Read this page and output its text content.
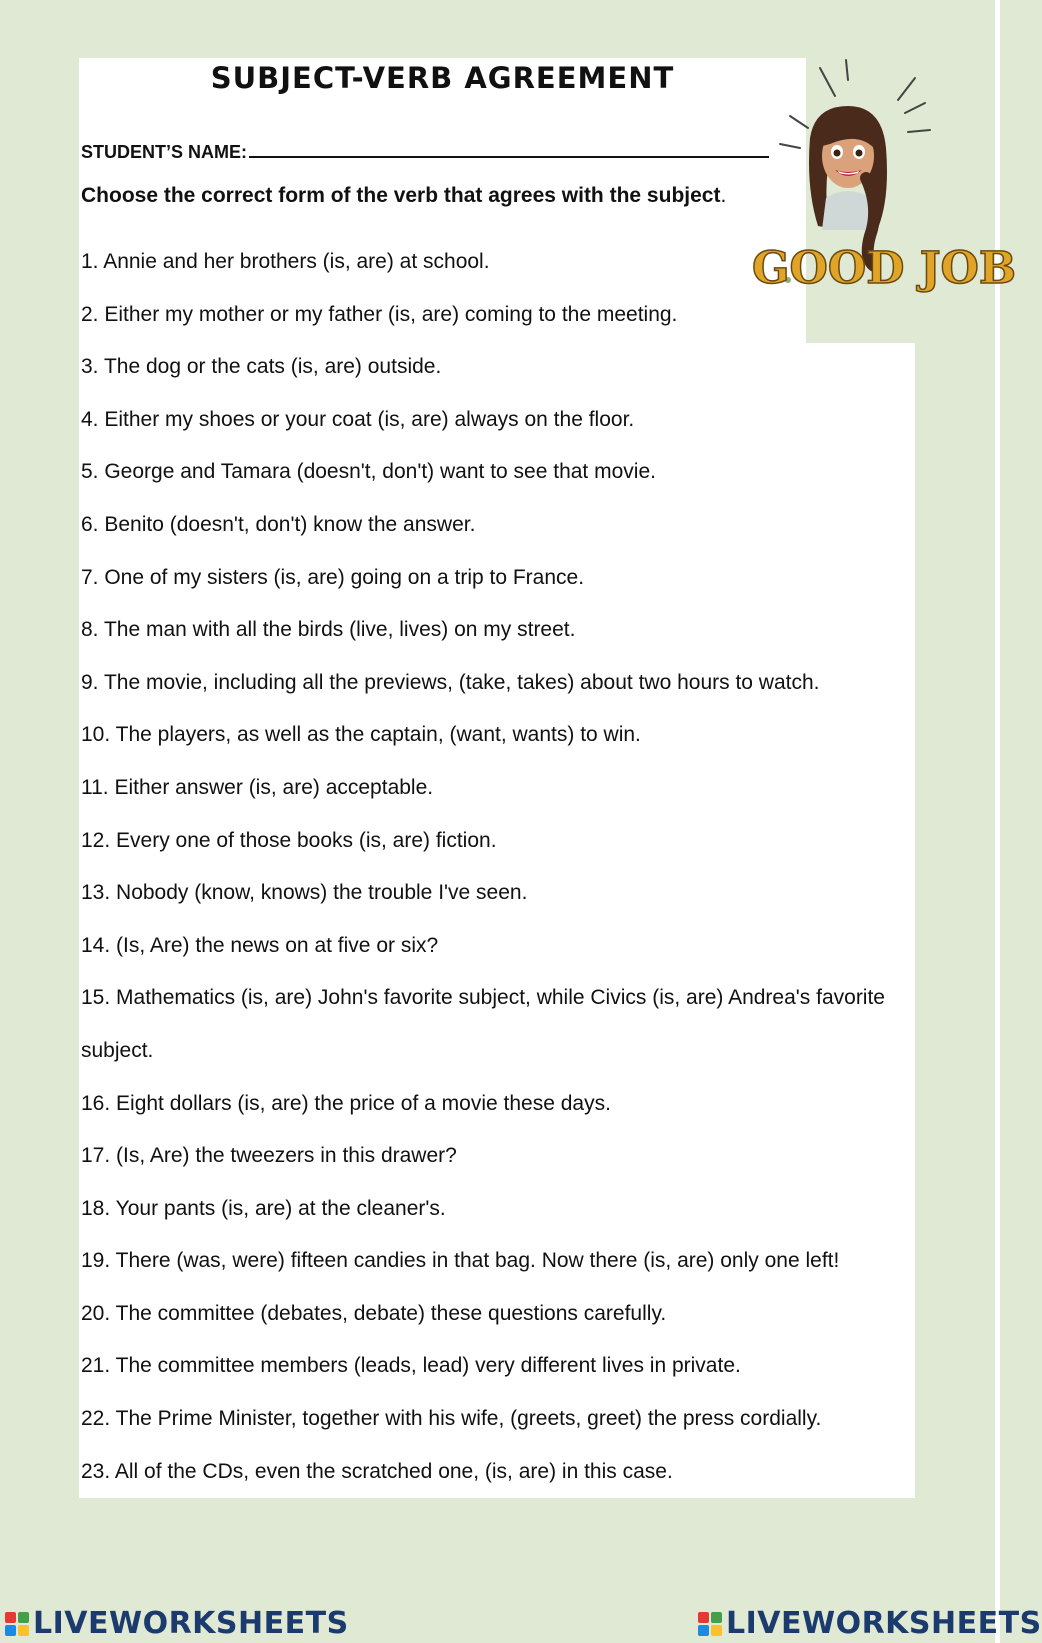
SUBJECT-VERB AGREEMENT
STUDENT’S NAME:
Choose the correct form of the verb that agrees with the subject.
1. Annie and her brothers (is, are) at school.
2. Either my mother or my father (is, are) coming to the meeting.
3. The dog or the cats (is, are) outside.
4. Either my shoes or your coat (is, are) always on the floor.
5. George and Tamara (doesn't, don't) want to see that movie.
6. Benito (doesn't, don't) know the answer.
7. One of my sisters (is, are) going on a trip to France.
8. The man with all the birds (live, lives) on my street.
9. The movie, including all the previews, (take, takes) about two hours to watch.
10. The players, as well as the captain, (want, wants) to win.
11. Either answer (is, are) acceptable.
12. Every one of those books (is, are) fiction.
13. Nobody (know, knows) the trouble I've seen.
14. (Is, Are) the news on at five or six?
15. Mathematics (is, are) John's favorite subject, while Civics (is, are) Andrea's favorite subject.
16. Eight dollars (is, are) the price of a movie these days.
17. (Is, Are) the tweezers in this drawer?
18. Your pants (is, are) at the cleaner's.
19. There (was, were) fifteen candies in that bag. Now there (is, are) only one left!
20. The committee (debates, debate) these questions carefully.
21. The committee members (leads, lead) very different lives in private.
22. The Prime Minister, together with his wife, (greets, greet) the press cordially.
23. All of the CDs, even the scratched one, (is, are) in this case.
GOOD JOB
LIVEWORKSHEETS	LIVEWORKSHEETS
